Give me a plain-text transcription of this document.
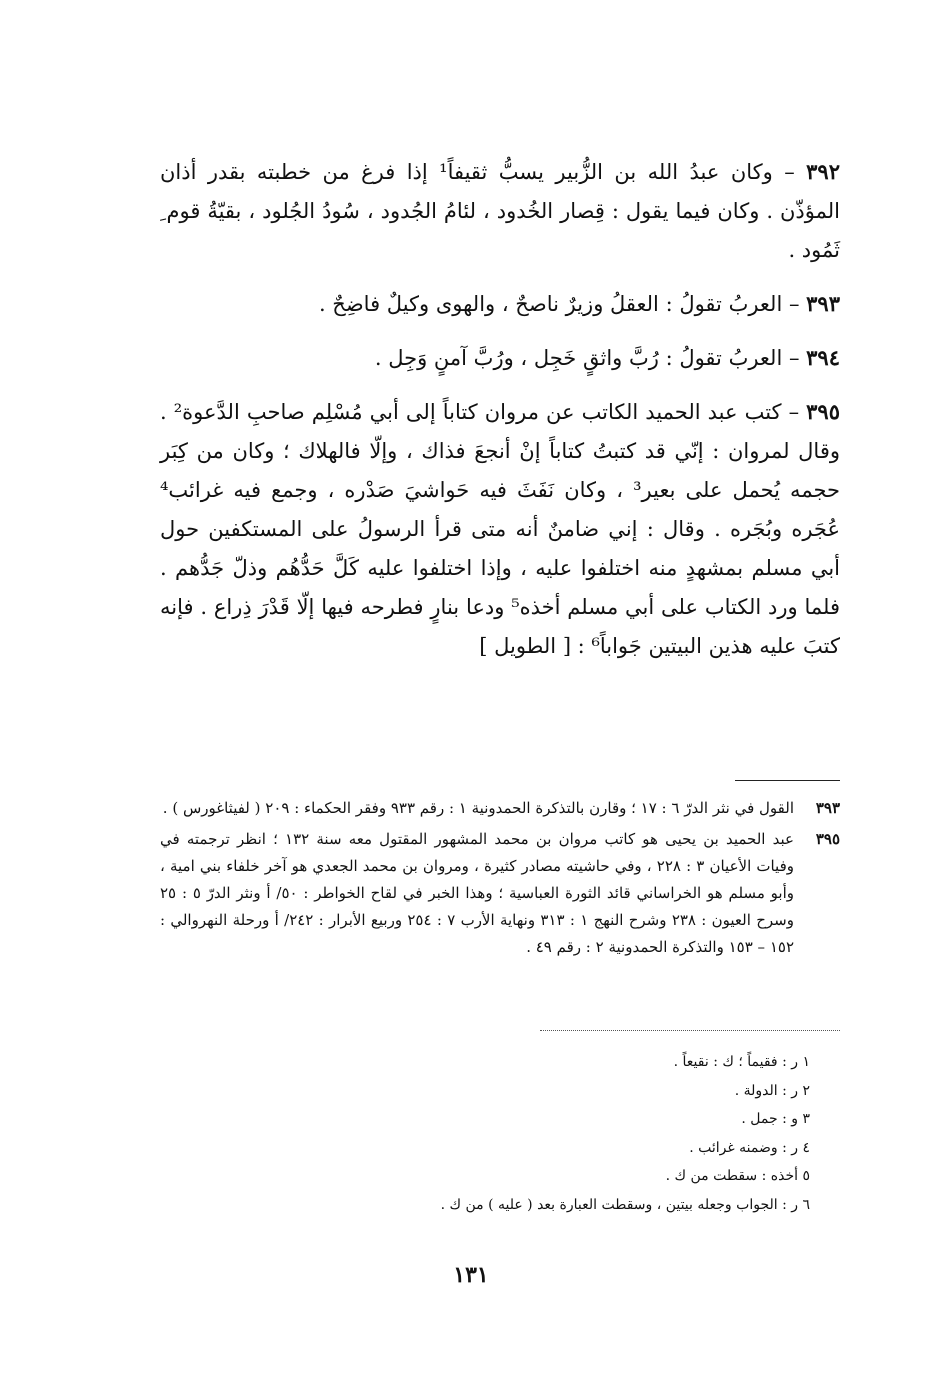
٣٩٢ – وكان عبدُ الله بن الزُّبير يسبُّ ثقيفاً¹ إذا فرغ من خطبته بقدر أذان المؤذّن . وكان فيما يقول : قِصار الخُدود ، لئامُ الجُدود ، سُودُ الجُلود ، بقيّةُ قوم ِ ثَمُود .

٣٩٣ – العربُ تقولُ : العقلُ وزيرٌ ناصحٌ ، والهوى وكيلٌ فاضِحٌ .

٣٩٤ – العربُ تقولُ : رُبَّ واثقٍ خَجِل ، ورُبَّ آمنٍ وَجِل .

٣٩٥ – كتب عبد الحميد الكاتب عن مروان كتاباً إلى أبي مُسْلِم صاحبِ الدَّعوة² . وقال لمروان : إنّي قد كتبتُ كتاباً إنْ أنجعَ فذاك ، وإلّا فالهلاك ؛ وكان من كِبَر حجمه يُحمل على بعير³ ، وكان نَفَثَ فيه حَواشيَ صَدْره ، وجمع فيه غرائب⁴ عُجَره وبُجَره . وقال : إني ضامنٌ أنه متى قرأ الرسولُ على المستكفين حول أبي مسلم بمشهدٍ منه اختلفوا عليه ، وإذا اختلفوا عليه كَلَّ حَدُّهُم وذلّ جَدُّهم . فلما ورد الكتاب على أبي مسلم أخذه⁵ ودعا بنارٍ فطرحه فيها إلّا قَدْرَ ذِراع . فإنه كتبَ عليه هذين البيتين جَواباً⁶ : [ الطويل ]

٣٩٣
القول في نثر الدرّ ٦ : ١٧ ؛ وقارن بالتذكرة الحمدونية ١ : رقم ٩٣٣ وفقر الحكماء : ٢٠٩ ( لفيثاغورس ) .
٣٩٥
عبد الحميد بن يحيى هو كاتب مروان بن محمد المشهور المقتول معه سنة ١٣٢ ؛ انظر ترجمته في وفيات الأعيان ٣ : ٢٢٨ ، وفي حاشيته مصادر كثيرة ، ومروان بن محمد الجعدي هو آخر خلفاء بني امية ، وأبو مسلم هو الخراساني قائد الثورة العباسية ؛ وهذا الخبر في لقاح الخواطر : ٥٠/ أ ونثر الدرّ ٥ : ٢٥ وسرح العيون : ٢٣٨ وشرح النهج ١ : ٣١٣ ونهاية الأرب ٧ : ٢٥٤ وربيع الأبرار : ٢٤٢/ أ ورحلة النهروالي : ١٥٢ – ١٥٣ والتذكرة الحمدونية ٢ : رقم ٤٩ .

١ ر : فقيماً ؛ ك : نقيعاً .

٢ ر : الدولة .

٣ و : جمل .

٤ ر : وضمنه غرائب .

٥ أخذه : سقطت من ك .

٦ ر : الجواب وجعله بيتين ، وسقطت العبارة بعد ( عليه ) من ك .

١٣١
